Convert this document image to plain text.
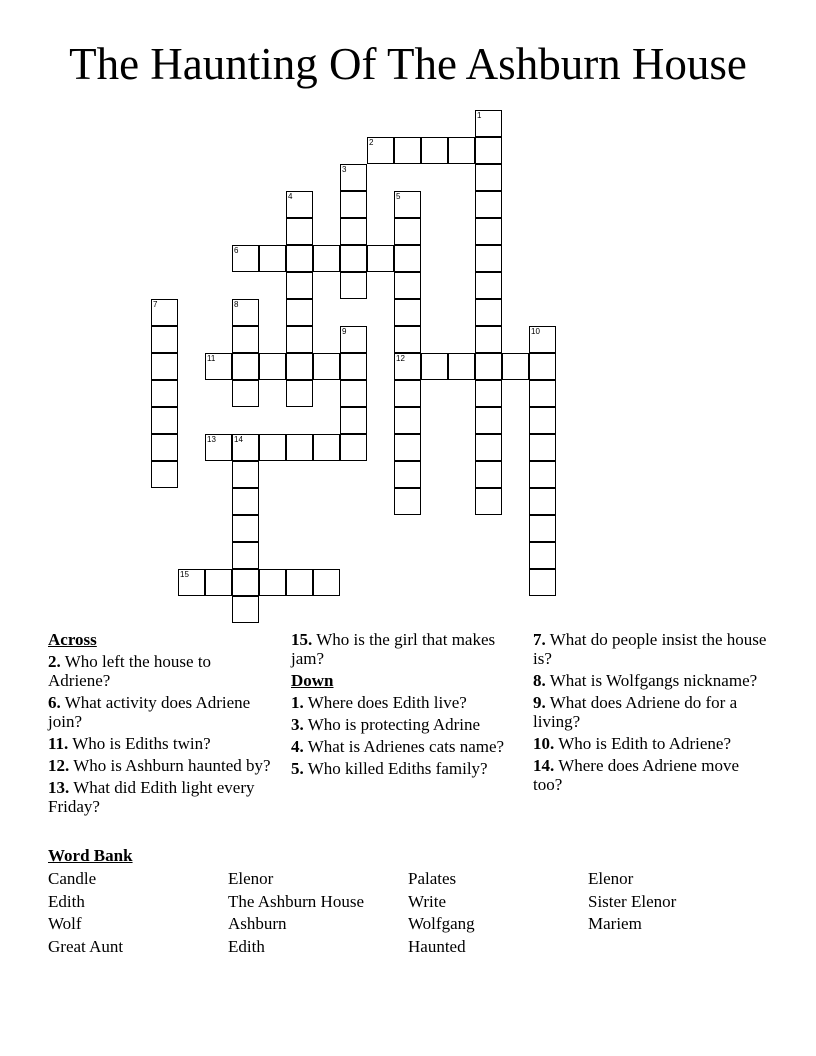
The Haunting Of The Ashburn House
1
2
3
4	5
6
7	8
9	10
11	12
13 14
15
Across
2. Who left the house to Adriene?
6. What activity does Adriene join?
11. Who is Ediths twin?
12. Who is Ashburn haunted by?
13. What did Edith light every Friday?
15. Who is the girl that makes jam?
Down
1. Where does Edith live?
3. Who is protecting Adrine
4. What is Adrienes cats name?
5. Who killed Ediths family?
7. What do people insist the house is?
8. What is Wolfgangs nickname?
9. What does Adriene do for a living?
10. Who is Edith to Adriene?
14. Where does Adriene move too?
Word Bank
Candle
Edith
Wolf
Great Aunt
Elenor
The Ashburn House
Ashburn
Edith
Palates
Write
Wolfgang
Haunted
Elenor
Sister Elenor
Mariem
